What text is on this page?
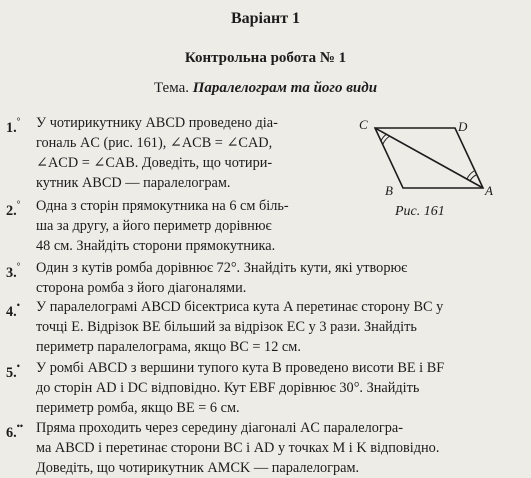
Варіант 1
Контрольна робота № 1
Тема. Паралелограм та його види
1.°	У чотирикутнику ABCD проведено діа-
гональ AC (рис. 161), ∠ACB = ∠CAD,
∠ACD = ∠CAB. Доведіть, що чотири-
кутник ABCD — паралелограм.
2.°	Одна з сторін прямокутника на 6 см біль-
ша за другу, а його периметр дорівнює
48 см. Знайдіть сторони прямокутника.
3.°	Один з кутів ромба дорівнює 72°. Знайдіть кути, які утворює
сторона ромба з його діагоналями.
4.•	У паралелограмі ABCD бісектриса кута A перетинає сторону BC у
точці E. Відрізок BE більший за відрізок EC у 3 рази. Знайдіть
периметр паралелограма, якщо BC = 12 см.
5.•	У ромбі ABCD з вершини тупого кута B проведено висоти BE і BF
до сторін AD і DC відповідно. Кут EBF дорівнює 30°. Знайдіть
периметр ромба, якщо BE = 6 см.
6.•• Пряма проходить через середину діагоналі AC паралелогра-
ма ABCD і перетинає сторони BC і AD у точках M і K відповідно.
Доведіть, що чотирикутник AMCK — паралелограм.
C	D
B	A
Рис. 161
